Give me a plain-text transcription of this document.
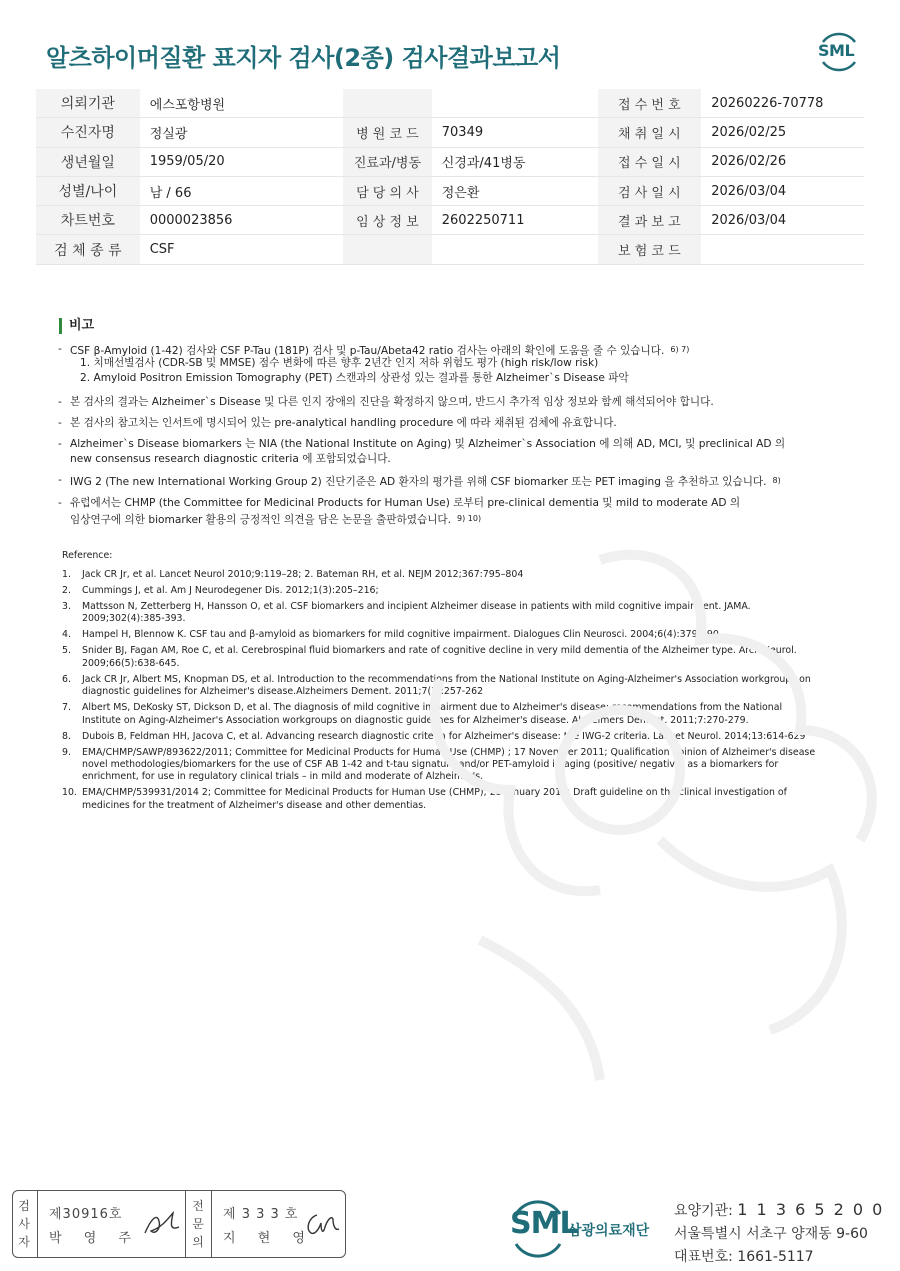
알츠하이머질환 표지자 검사(2종) 검사결과보고서	SML
의뢰기관	에스포항병원			접 수 번 호	20260226-70778
수진자명	정실광	병 원 코 드	70349	채 취 일 시	2026/02/25
생년월일	1959/05/20	진료과/병동	신경과/41병동	접 수 일 시	2026/02/26
성별/나이	남 / 66	담 당 의 사	정은환	검 사 일 시	2026/03/04
차트번호	0000023856	임 상 정 보	2602250711	결 과 보 고	2026/03/04
검 체 종 류	CSF			보 험 코 드	
비고
- CSF β-Amyloid (1-42) 검사와 CSF P-Tau (181P) 검사 및 p-Tau/Abeta42 ratio 검사는 아래의 확인에 도움을 줄 수 있습니다. 6) 7)
1. 치매선별검사 (CDR-SB 및 MMSE) 점수 변화에 따른 향후 2년간 인지 저하 위험도 평가 (high risk/low risk)
2. Amyloid Positron Emission Tomography (PET) 스캔과의 상관성 있는 결과를 통한 Alzheimer`s Disease 파악
- 본 검사의 결과는 Alzheimer`s Disease 및 다른 인지 장애의 진단을 확정하지 않으며, 반드시 추가적 임상 정보와 함께 해석되어야 합니다.
- 본 검사의 참고치는 인서트에 명시되어 있는 pre-analytical handling procedure 에 따라 채취된 검체에 유효합니다.
- Alzheimer`s Disease biomarkers 는 NIA (the National Institute on Aging) 및 Alzheimer`s Association 에 의해 AD, MCI, 및 preclinical AD 의
new consensus research diagnostic criteria 에 포함되었습니다.
- IWG 2 (The new International Working Group 2) 진단기준은 AD 환자의 평가를 위해 CSF biomarker 또는 PET imaging 을 추천하고 있습니다. 8)
- 유럽에서는 CHMP (the Committee for Medicinal Products for Human Use) 로부터 pre-clinical dementia 및 mild to moderate AD 의
임상연구에 의한 biomarker 활용의 긍정적인 의견을 담은 논문을 출판하였습니다. 9) 10)
Reference:
1. Jack CR Jr, et al. Lancet Neurol 2010;9:119–28; 2. Bateman RH, et al. NEJM 2012;367:795–804
2. Cummings J, et al. Am J Neurodegener Dis. 2012;1(3):205–216;
3. Mattsson N, Zetterberg H, Hansson O, et al. CSF biomarkers and incipient Alzheimer disease in patients with mild cognitive impairment. JAMA. 2009;302(4):385-393.
4. Hampel H, Blennow K. CSF tau and β-amyloid as biomarkers for mild cognitive impairment. Dialogues Clin Neurosci. 2004;6(4):379-390.
5. Snider BJ, Fagan AM, Roe C, et al. Cerebrospinal fluid biomarkers and rate of cognitive decline in very mild dementia of the Alzheimer type. Arch Neurol. 2009;66(5):638-645.
6. Jack CR Jr, Albert MS, Knopman DS, et al. Introduction to the recommendations from the National Institute on Aging-Alzheimer's Association workgroups on diagnostic guidelines for Alzheimer's disease.Alzheimers Dement. 2011;7(3):257-262
7. Albert MS, DeKosky ST, Dickson D, et al. The diagnosis of mild cognitive impairment due to Alzheimer's disease: recommendations from the National Institute on Aging-Alzheimer's Association workgroups on diagnostic guidelines for Alzheimer's disease. Alzheimers Dement. 2011;7:270-279.
8. Dubois B, Feldman HH, Jacova C, et al. Advancing research diagnostic criteria for Alzheimer's disease: the IWG-2 criteria. Lancet Neurol. 2014;13:614-629
9. EMA/CHMP/SAWP/893622/2011; Committee for Medicinal Products for Human Use (CHMP) ; 17 November 2011; Qualification opinion of Alzheimer's disease novel methodologies/biomarkers for the use of CSF AB 1-42 and t-tau signature and/or PET-amyloid imaging (positive/ negative) as a biomarkers for enrichment, for use in regulatory clinical trials – in mild and moderate of Alzheimer's.
10. EMA/CHMP/539931/2014 2; Committee for Medicinal Products for Human Use (CHMP); 28 January 2016; Draft guideline on the clinical investigation of medicines for the treatment of Alzheimer's disease and other dementias.
검사자
제30916호
박 영 주
전문의
제 3 3 3 호
지 현 영	SML
삼광의료재단
요양기관: 1 1 3 6 5 2 0 0
서울특별시 서초구 양재동 9-60
대표번호: 1661-5117
